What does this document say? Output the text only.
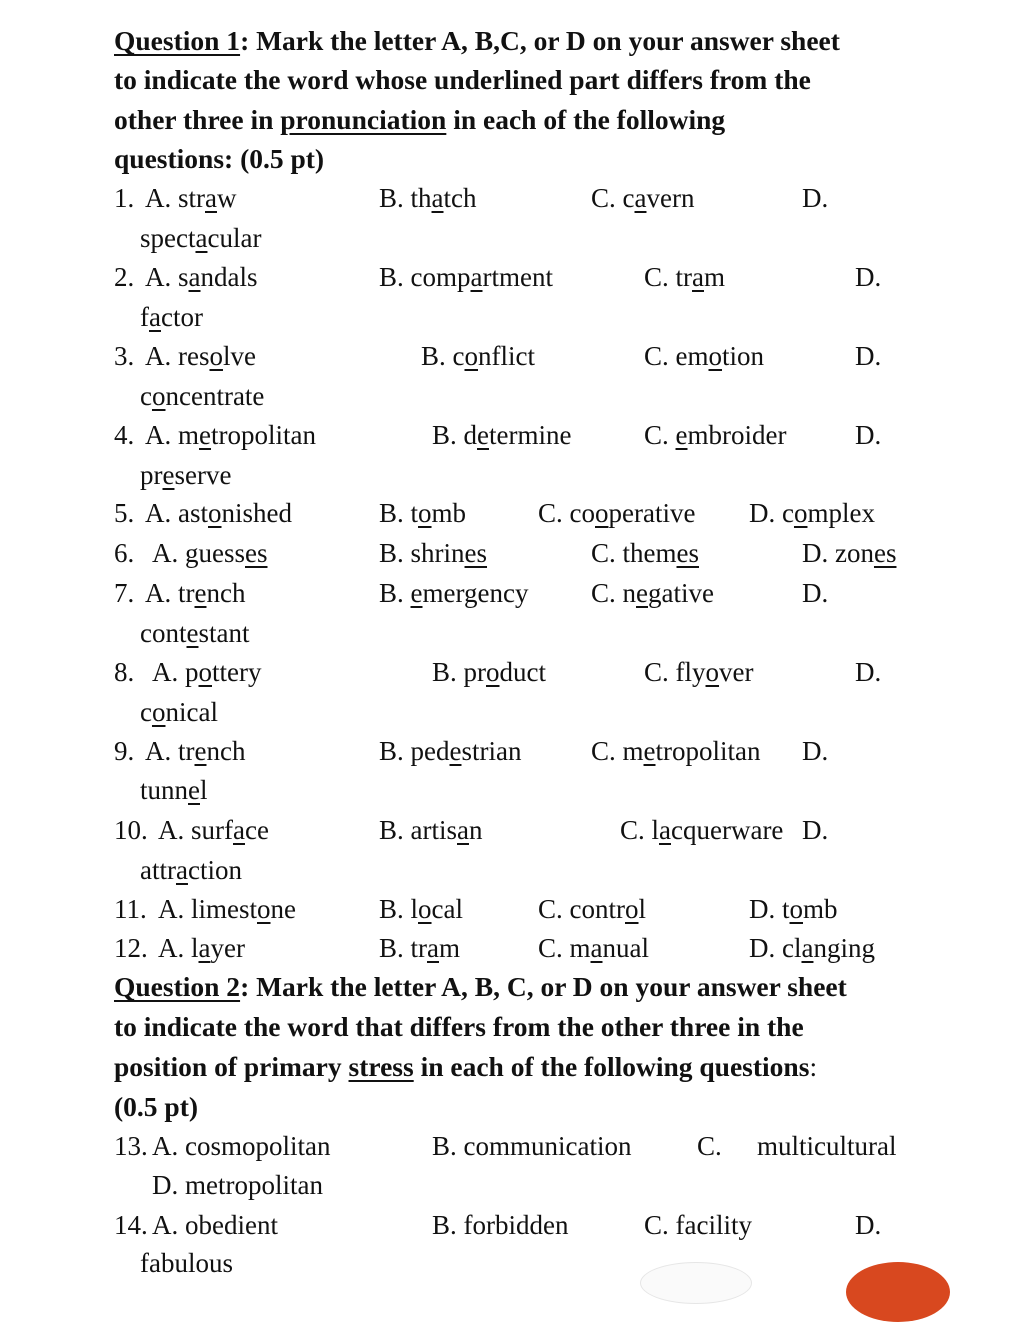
Question 1: Mark the letter A, B,C, or D on your answer sheet
to indicate the word whose underlined part differs from the
other three in pronunciation in each of the following
questions: (0.5 pt)
1. A. straw	B. thatch	C. cavern	D.
spectacular
2. A. sandals	B. compartment	C. tram	D.
factor
3. A. resolve	B. conflict	C. emotion	D.
concentrate
4. A. metropolitan	B. determine	C. embroider	D.
preserve
5. A. astonished	B. tomb	C. cooperative D. complex
6. A. guesses	B. shrines	C. themes	D. zones
7. A. trench	B. emergency C. negative	D.
contestant
8. A. pottery	B. product	C. flyover	D.
conical
9. A. trench	B. pedestrian	C. metropolitan D.
tunnel
10. A. surface	B. artisan	C. lacquerware D.
attraction
11. A. limestone	B. local	C. control	D. tomb
12. A. layer	B. tram	C. manual	D. clanging
Question 2: Mark the letter A, B, C, or D on your answer sheet
to indicate the word that differs from the other three in the
position of primary stress in each of the following questions:
(0.5 pt)
13. A. cosmopolitan	B. communication C. multicultural
D. metropolitan
14. A. obedient	B. forbidden	C. facility	D.
fabulous
